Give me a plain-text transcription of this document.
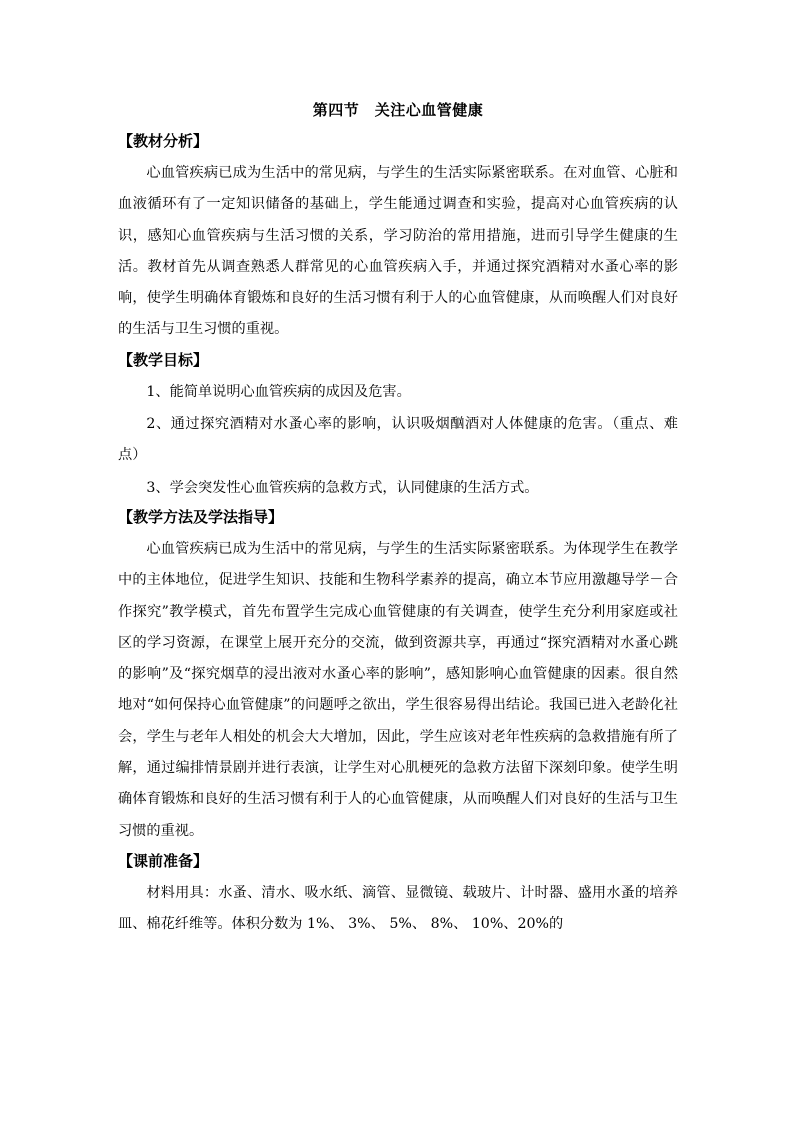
第四节　关注心血管健康
【教材分析】

心血管疾病已成为生活中的常见病，与学生的生活实际紧密联系。在对血管、心脏和血液循环有了一定知识储备的基础上，学生能通过调查和实验，提高对心血管疾病的认识，感知心血管疾病与生活习惯的关系，学习防治的常用措施，进而引导学生健康的生活。教材首先从调查熟悉人群常见的心血管疾病入手，并通过探究酒精对水蚤心率的影响，使学生明确体育锻炼和良好的生活习惯有利于人的心血管健康，从而唤醒人们对良好的生活与卫生习惯的重视。

【教学目标】

1、能简单说明心血管疾病的成因及危害。

2、通过探究酒精对水蚤心率的影响，认识吸烟酗酒对人体健康的危害。（重点、难点）

3、学会突发性心血管疾病的急救方式，认同健康的生活方式。

【教学方法及学法指导】

心血管疾病已成为生活中的常见病，与学生的生活实际紧密联系。为体现学生在教学中的主体地位，促进学生知识、技能和生物科学素养的提高，确立本节应用激趣导学－合作探究”教学模式，首先布置学生完成心血管健康的有关调查，使学生充分利用家庭或社区的学习资源，在课堂上展开充分的交流，做到资源共享，再通过“探究酒精对水蚤心跳的影响”及“探究烟草的浸出液对水蚤心率的影响”，感知影响心血管健康的因素。很自然地对“如何保持心血管健康”的问题呼之欲出，学生很容易得出结论。我国已进入老龄化社会，学生与老年人相处的机会大大增加，因此，学生应该对老年性疾病的急救措施有所了解，通过编排情景剧并进行表演，让学生对心肌梗死的急救方法留下深刻印象。使学生明确体育锻炼和良好的生活习惯有利于人的心血管健康，从而唤醒人们对良好的生活与卫生习惯的重视。

【课前准备】

材料用具：水蚤、清水、吸水纸、滴管、显微镜、载玻片、计时器、盛用水蚤的培养皿、棉花纤维等。体积分数为 1%、 3%、 5%、 8%、 10%、20%的
